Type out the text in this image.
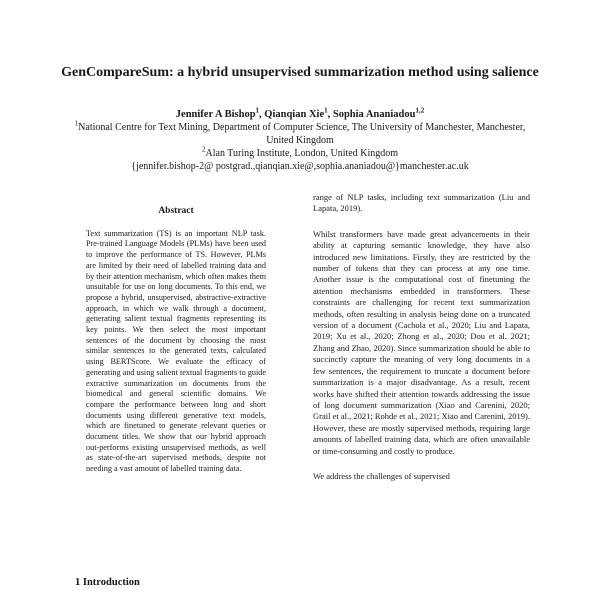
GenCompareSum: a hybrid unsupervised summarization method using salience
Jennifer A Bishop$^1$, Qianqian Xie$^1$, Sophia Ananiadou$^{1,2}$
$^1$National Centre for Text Mining, Department of Computer Science, The University of Manchester, Manchester, United Kingdom
$^2$Alan Turing Institute, London, United Kingdom
{jennifer.bishop-2@ postgrad.,qianqian.xie@,sophia.ananiadou@}manchester.ac.uk
Abstract

Text summarization (TS) is an important NLP task. Pre-trained Language Models (PLMs) have been used to improve the performance of TS. However, PLMs are limited by their need of labelled training data and by their attention mechanism, which often makes them unsuitable for use on long documents. To this end, we propose a hybrid, unsupervised, abstractive-extractive approach, in which we walk through a document, generating salient textual fragments representing its key points. We then select the most important sentences of the document by choosing the most similar sentences to the generated texts, calculated using BERTScore. We evaluate the efficacy of generating and using salient textual fragments to guide extractive summarization on documents from the biomedical and general scientific domains. We compare the performance between long and short documents using different generative text models, which are finetuned to generate relevant queries or document titles. We show that our hybrid approach out-performs existing unsupervised methods, as well as state-of-the-art supervised methods, despite not needing a vast amount of labelled training data.

1 Introduction

range of NLP tasks, including text summarization (Liu and Lapata, 2019).

Whilst transformers have made great advancements in their ability at capturing semantic knowledge, they have also introduced new limitations. Firstly, they are restricted by the number of tokens that they can process at any one time. Another issue is the computational cost of finetuning the attention mechanisms embedded in transformers. These constraints are challenging for recent text summarization methods, often resulting in analysis being done on a truncated version of a document (Cachola et al., 2020; Liu and Lapata, 2019; Xu et al., 2020; Zhong et al., 2020; Dou et al. 2021; Zhang and Zhao, 2020). Since summarization should be able to succinctly capture the meaning of very long documents in a few sentences, the requirement to truncate a document before summarization is a major disadvantage. As a result, recent works have shifted their attention towards addressing the issue of long document summarization (Xiao and Carenini, 2020; Grail et al., 2021; Rohde et al., 2021; Xiao and Carenini, 2019). However, these are mostly supervised methods, requiring large amounts of labelled training data, which are often unavailable or time-consuming and costly to produce.

We address the challenges of supervised
